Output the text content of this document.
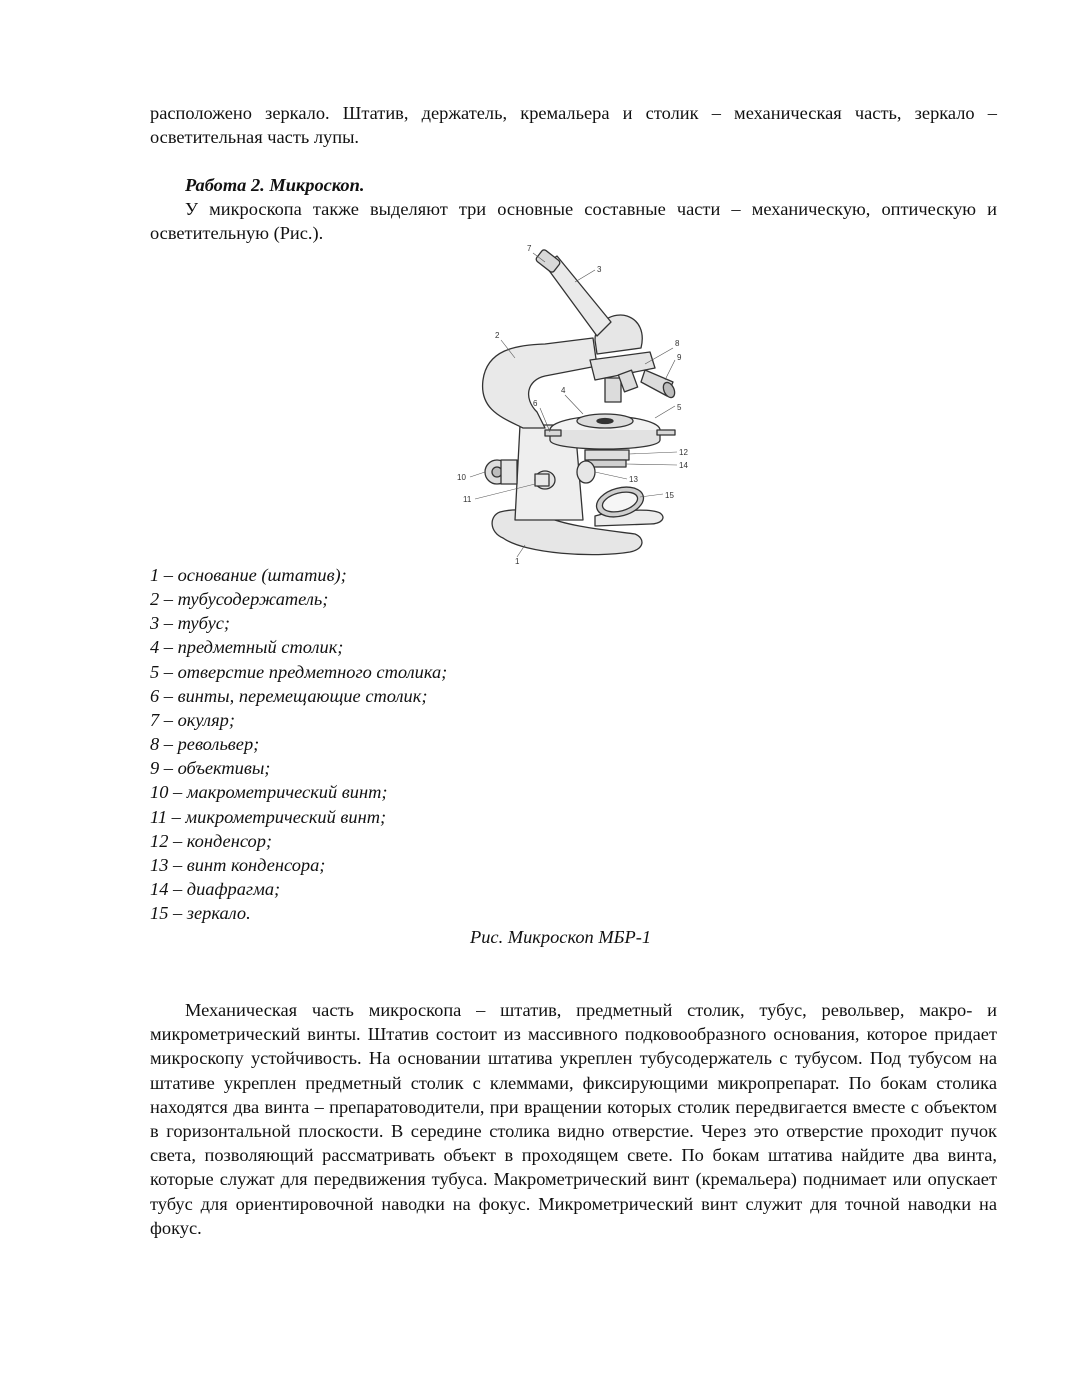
расположено зеркало. Штатив, держатель, кремальера и столик – механическая часть, зеркало – осветительная часть лупы.
Работа 2. Микроскоп.
У микроскопа также выделяют три основные составные части – механическую, оптическую и осветительную (Рис.).
7
3
2
4
5
6
8
9
10
11
12
13
14
15
1
1 – основание (штатив);
2 – тубусодержатель;
3 – тубус;
4 – предметный столик;
5 – отверстие предметного столика;
6 – винты, перемещающие столик;
7 – окуляр;
8 – револьвер;
9 – объективы;
10 – макрометрический винт;
11 – микрометрический винт;
12 – конденсор;
13 – винт конденсора;
14 – диафрагма;
15 – зеркало.
Рис. Микроскоп МБР-1
Механическая часть микроскопа – штатив, предметный столик, тубус, револьвер, макро- и микрометрический винты. Штатив состоит из массивного подковообразного основания, которое придает микроскопу устойчивость. На основании штатива укреплен тубусодержатель с тубусом. Под тубусом на штативе укреплен предметный столик с клеммами, фиксирующими микропрепарат. По бокам столика находятся два винта – препаратоводители, при вращении которых столик передвигается вместе с объектом в горизонтальной плоскости. В середине столика видно отверстие. Через это отверстие проходит пучок света, позволяющий рассматривать объект в проходящем свете. По бокам штатива найдите два винта, которые служат для передвижения тубуса. Макрометрический винт (кремальера) поднимает или опускает тубус для ориентировочной наводки на фокус. Микрометрический винт служит для точной наводки на фокус.
